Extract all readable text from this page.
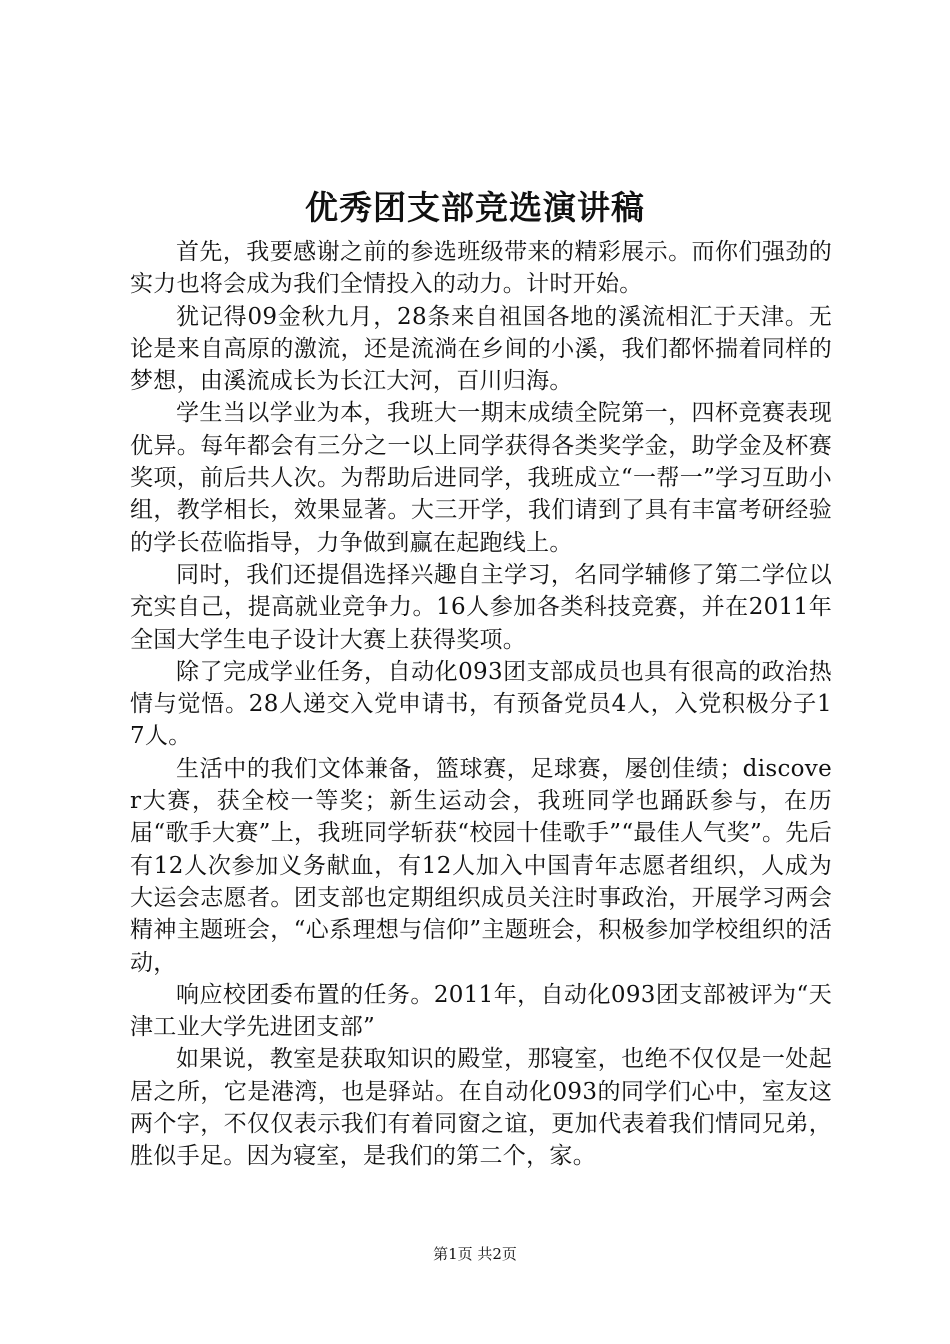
优秀团支部竞选演讲稿

首先，我要感谢之前的参选班级带来的精彩展示。而你们强劲的实力也将会成为我们全情投入的动力。计时开始。

犹记得09金秋九月，28条来自祖国各地的溪流相汇于天津。无论是来自高原的激流，还是流淌在乡间的小溪，我们都怀揣着同样的梦想，由溪流成长为长江大河，百川归海。

学生当以学业为本，我班大一期末成绩全院第一，四杯竞赛表现优异。每年都会有三分之一以上同学获得各类奖学金，助学金及杯赛奖项，前后共人次。为帮助后进同学，我班成立“一帮一”学习互助小组，教学相长，效果显著。大三开学，我们请到了具有丰富考研经验的学长莅临指导，力争做到赢在起跑线上。

同时，我们还提倡选择兴趣自主学习，名同学辅修了第二学位以充实自己，提高就业竞争力。16人参加各类科技竞赛，并在2011年全国大学生电子设计大赛上获得奖项。

除了完成学业任务，自动化093团支部成员也具有很高的政治热情与觉悟。28人递交入党申请书，有预备党员4人，入党积极分子17人。

生活中的我们文体兼备，篮球赛，足球赛，屡创佳绩；discover大赛，获全校一等奖；新生运动会，我班同学也踊跃参与，在历届“歌手大赛”上，我班同学斩获“校园十佳歌手”“最佳人气奖”。先后有12人次参加义务献血，有12人加入中国青年志愿者组织，人成为大运会志愿者。团支部也定期组织成员关注时事政治，开展学习两会精神主题班会，“心系理想与信仰”主题班会，积极参加学校组织的活动，

响应校团委布置的任务。2011年，自动化093团支部被评为“天津工业大学先进团支部”

如果说，教室是获取知识的殿堂，那寝室，也绝不仅仅是一处起居之所，它是港湾，也是驿站。在自动化093的同学们心中，室友这两个字，不仅仅表示我们有着同窗之谊，更加代表着我们情同兄弟，胜似手足。因为寝室，是我们的第二个，家。

第1页 共2页
